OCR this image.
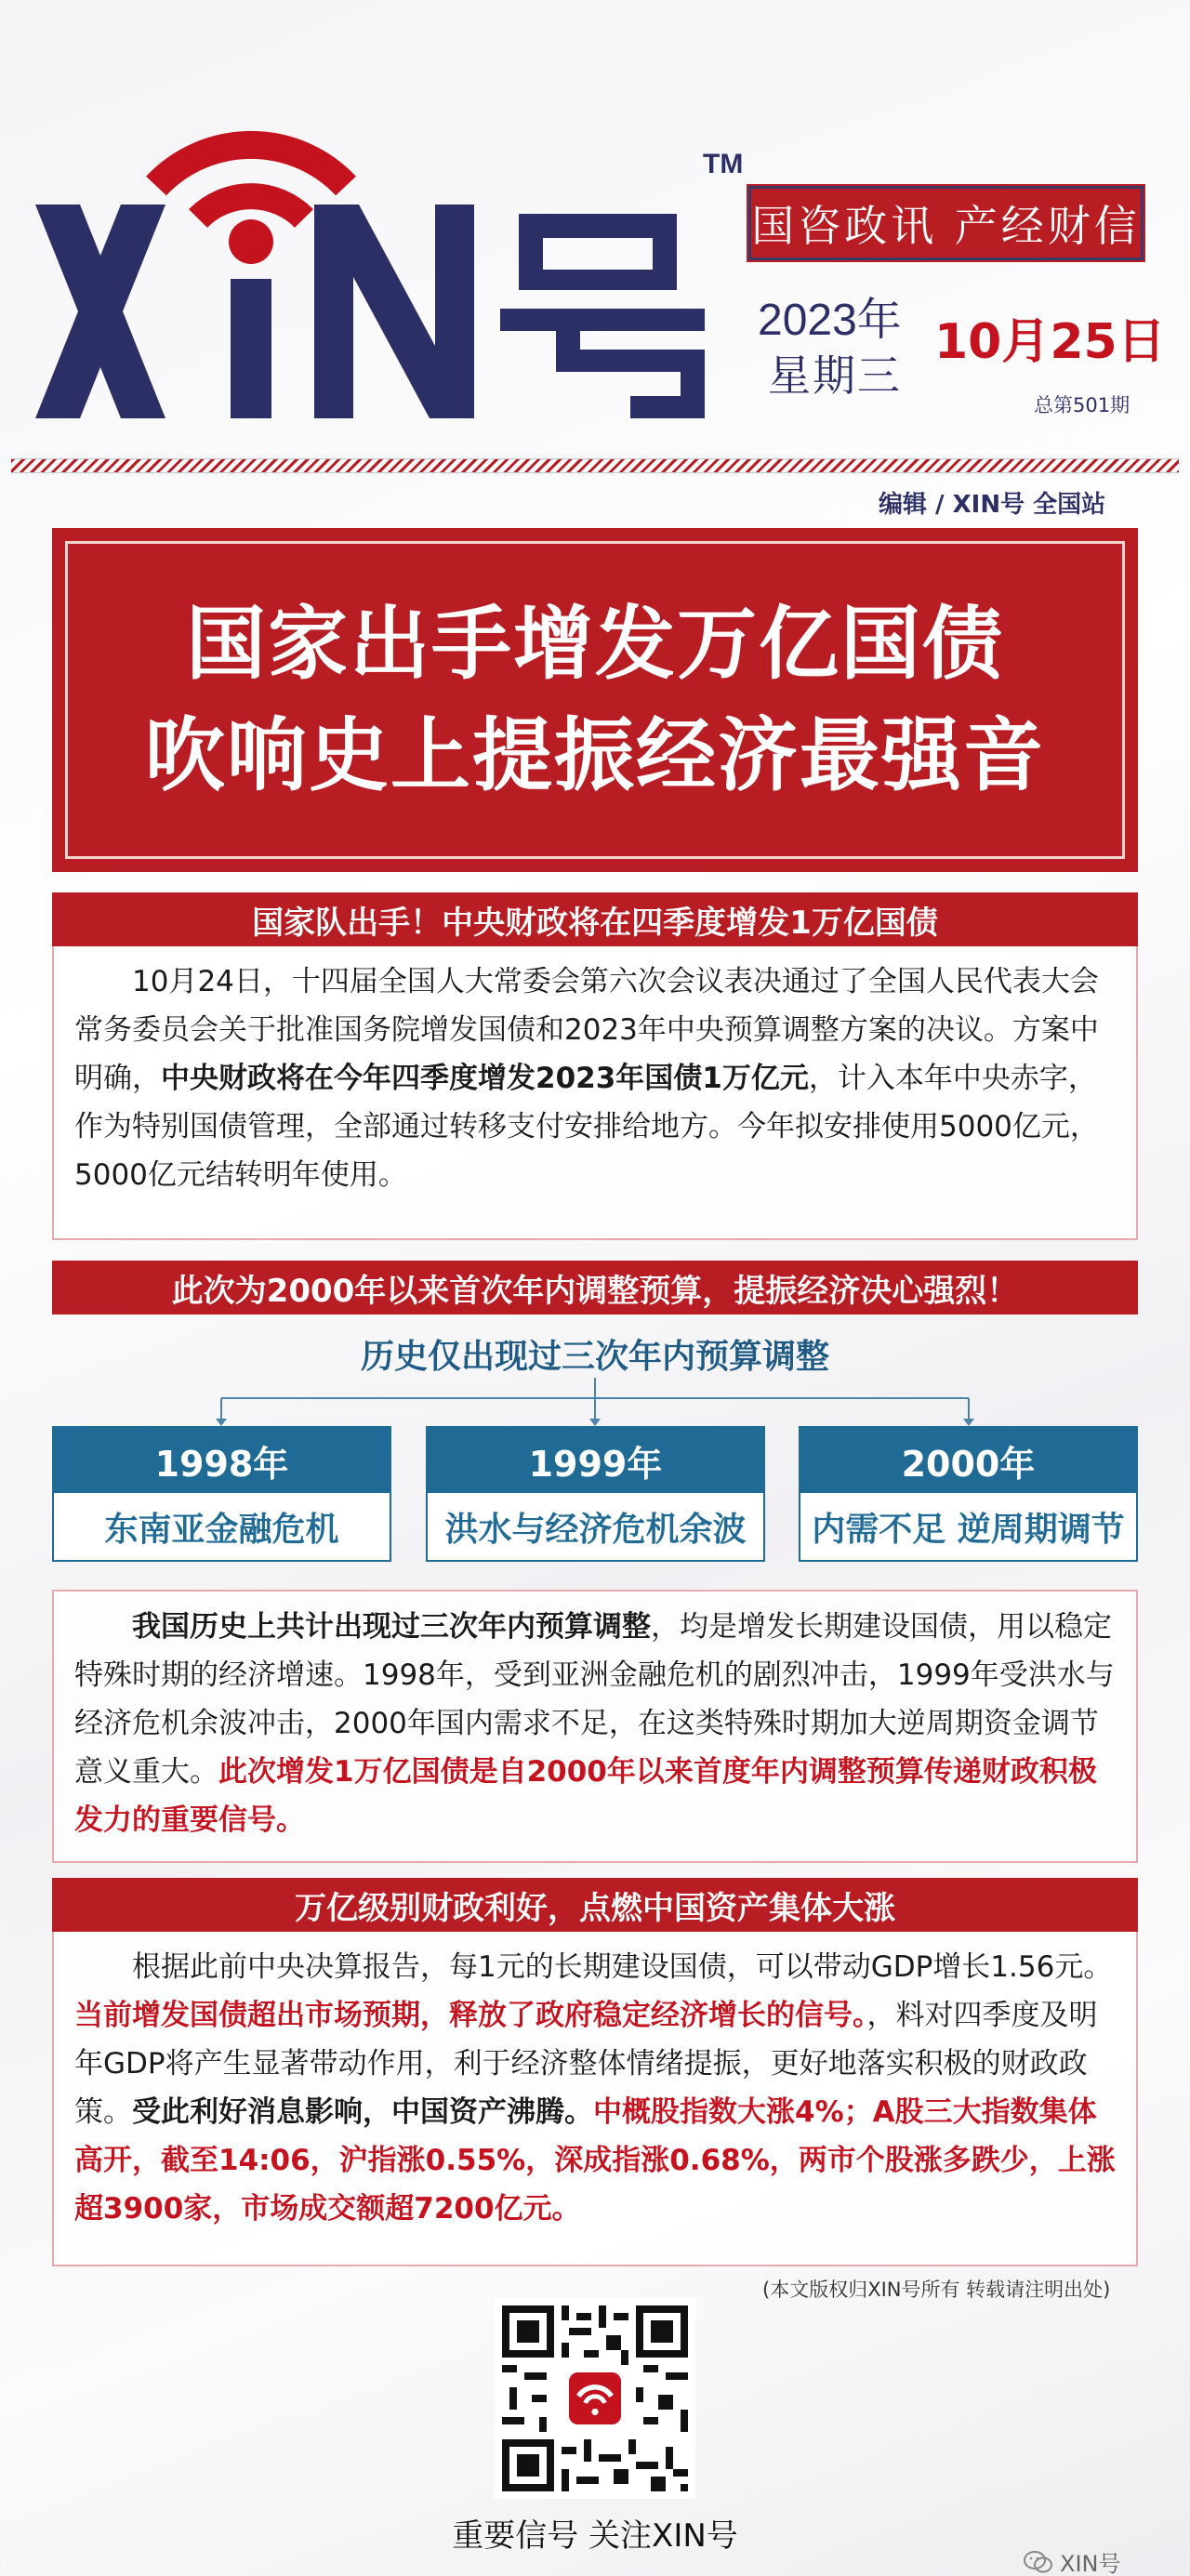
TM
国咨政讯 产经财信
2023年
星期三
10月25日
总第501期
编辑 / XIN号 全国站
国家出手增发万亿国债
吹响史上提振经济最强音
国家队出手！中央财政将在四季度增发1万亿国债

10月24日，十四届全国人大常委会第六次会议表决通过了全国人民代表大会常务委员会关于批准国务院增发国债和2023年中央预算调整方案的决议。方案中明确，中央财政将在今年四季度增发2023年国债1万亿元，计入本年中央赤字，作为特别国债管理，全部通过转移支付安排给地方。今年拟安排使用5000亿元，5000亿元结转明年使用。

此次为2000年以来首次年内调整预算，提振经济决心强烈！
历史仅出现过三次年内预算调整
1998年
东南亚金融危机
1999年
洪水与经济危机余波
2000年
内需不足 逆周期调节

我国历史上共计出现过三次年内预算调整，均是增发长期建设国债，用以稳定特殊时期的经济增速。1998年，受到亚洲金融危机的剧烈冲击，1999年受洪水与经济危机余波冲击，2000年国内需求不足，在这类特殊时期加大逆周期资金调节意义重大。此次增发1万亿国债是自2000年以来首度年内调整预算传递财政积极发力的重要信号。

万亿级别财政利好，点燃中国资产集体大涨

根据此前中央决算报告，每1元的长期建设国债，可以带动GDP增长1.56元。当前增发国债超出市场预期，释放了政府稳定经济增长的信号。，料对四季度及明年GDP将产生显著带动作用，利于经济整体情绪提振，更好地落实积极的财政政策。受此利好消息影响，中国资产沸腾。中概股指数大涨4%；A股三大指数集体高开，截至14:06，沪指涨0.55%，深成指涨0.68%，两市个股涨多跌少，上涨超3900家，市场成交额超7200亿元。

(本文版权归XIN号所有 转载请注明出处)
重要信号 关注XIN号
XIN号
